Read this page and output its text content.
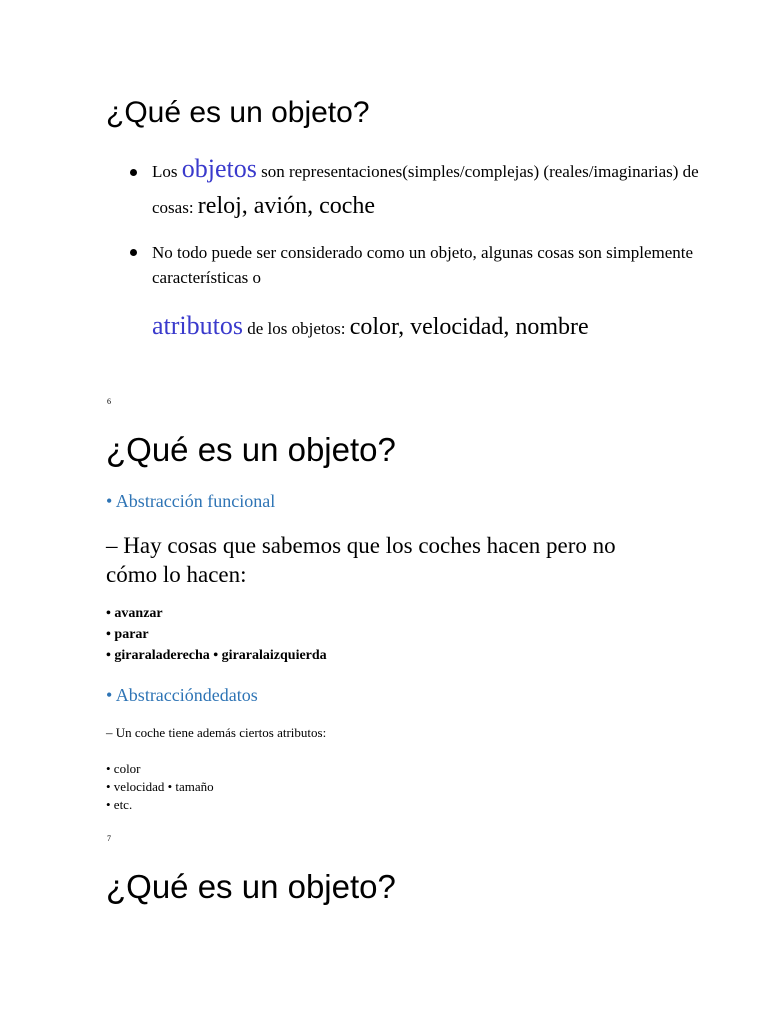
¿Qué es un objeto?
Los objetos son representaciones(simples/complejas) (reales/imaginarias) de cosas: reloj, avión, coche
No todo puede ser considerado como un objeto, algunas cosas son simplemente características o
atributos de los objetos: color, velocidad, nombre
6
¿Qué es un objeto?
• Abstracción funcional
– Hay cosas que sabemos que los coches hacen pero no cómo lo hacen:
• avanzar
• parar
• giraraladerecha • giraralaizquierda
• Abstracciónde​datos
– Un coche tiene además ciertos atributos:
• color
• velocidad • tamaño
• etc.
7
¿Qué es un objeto?
